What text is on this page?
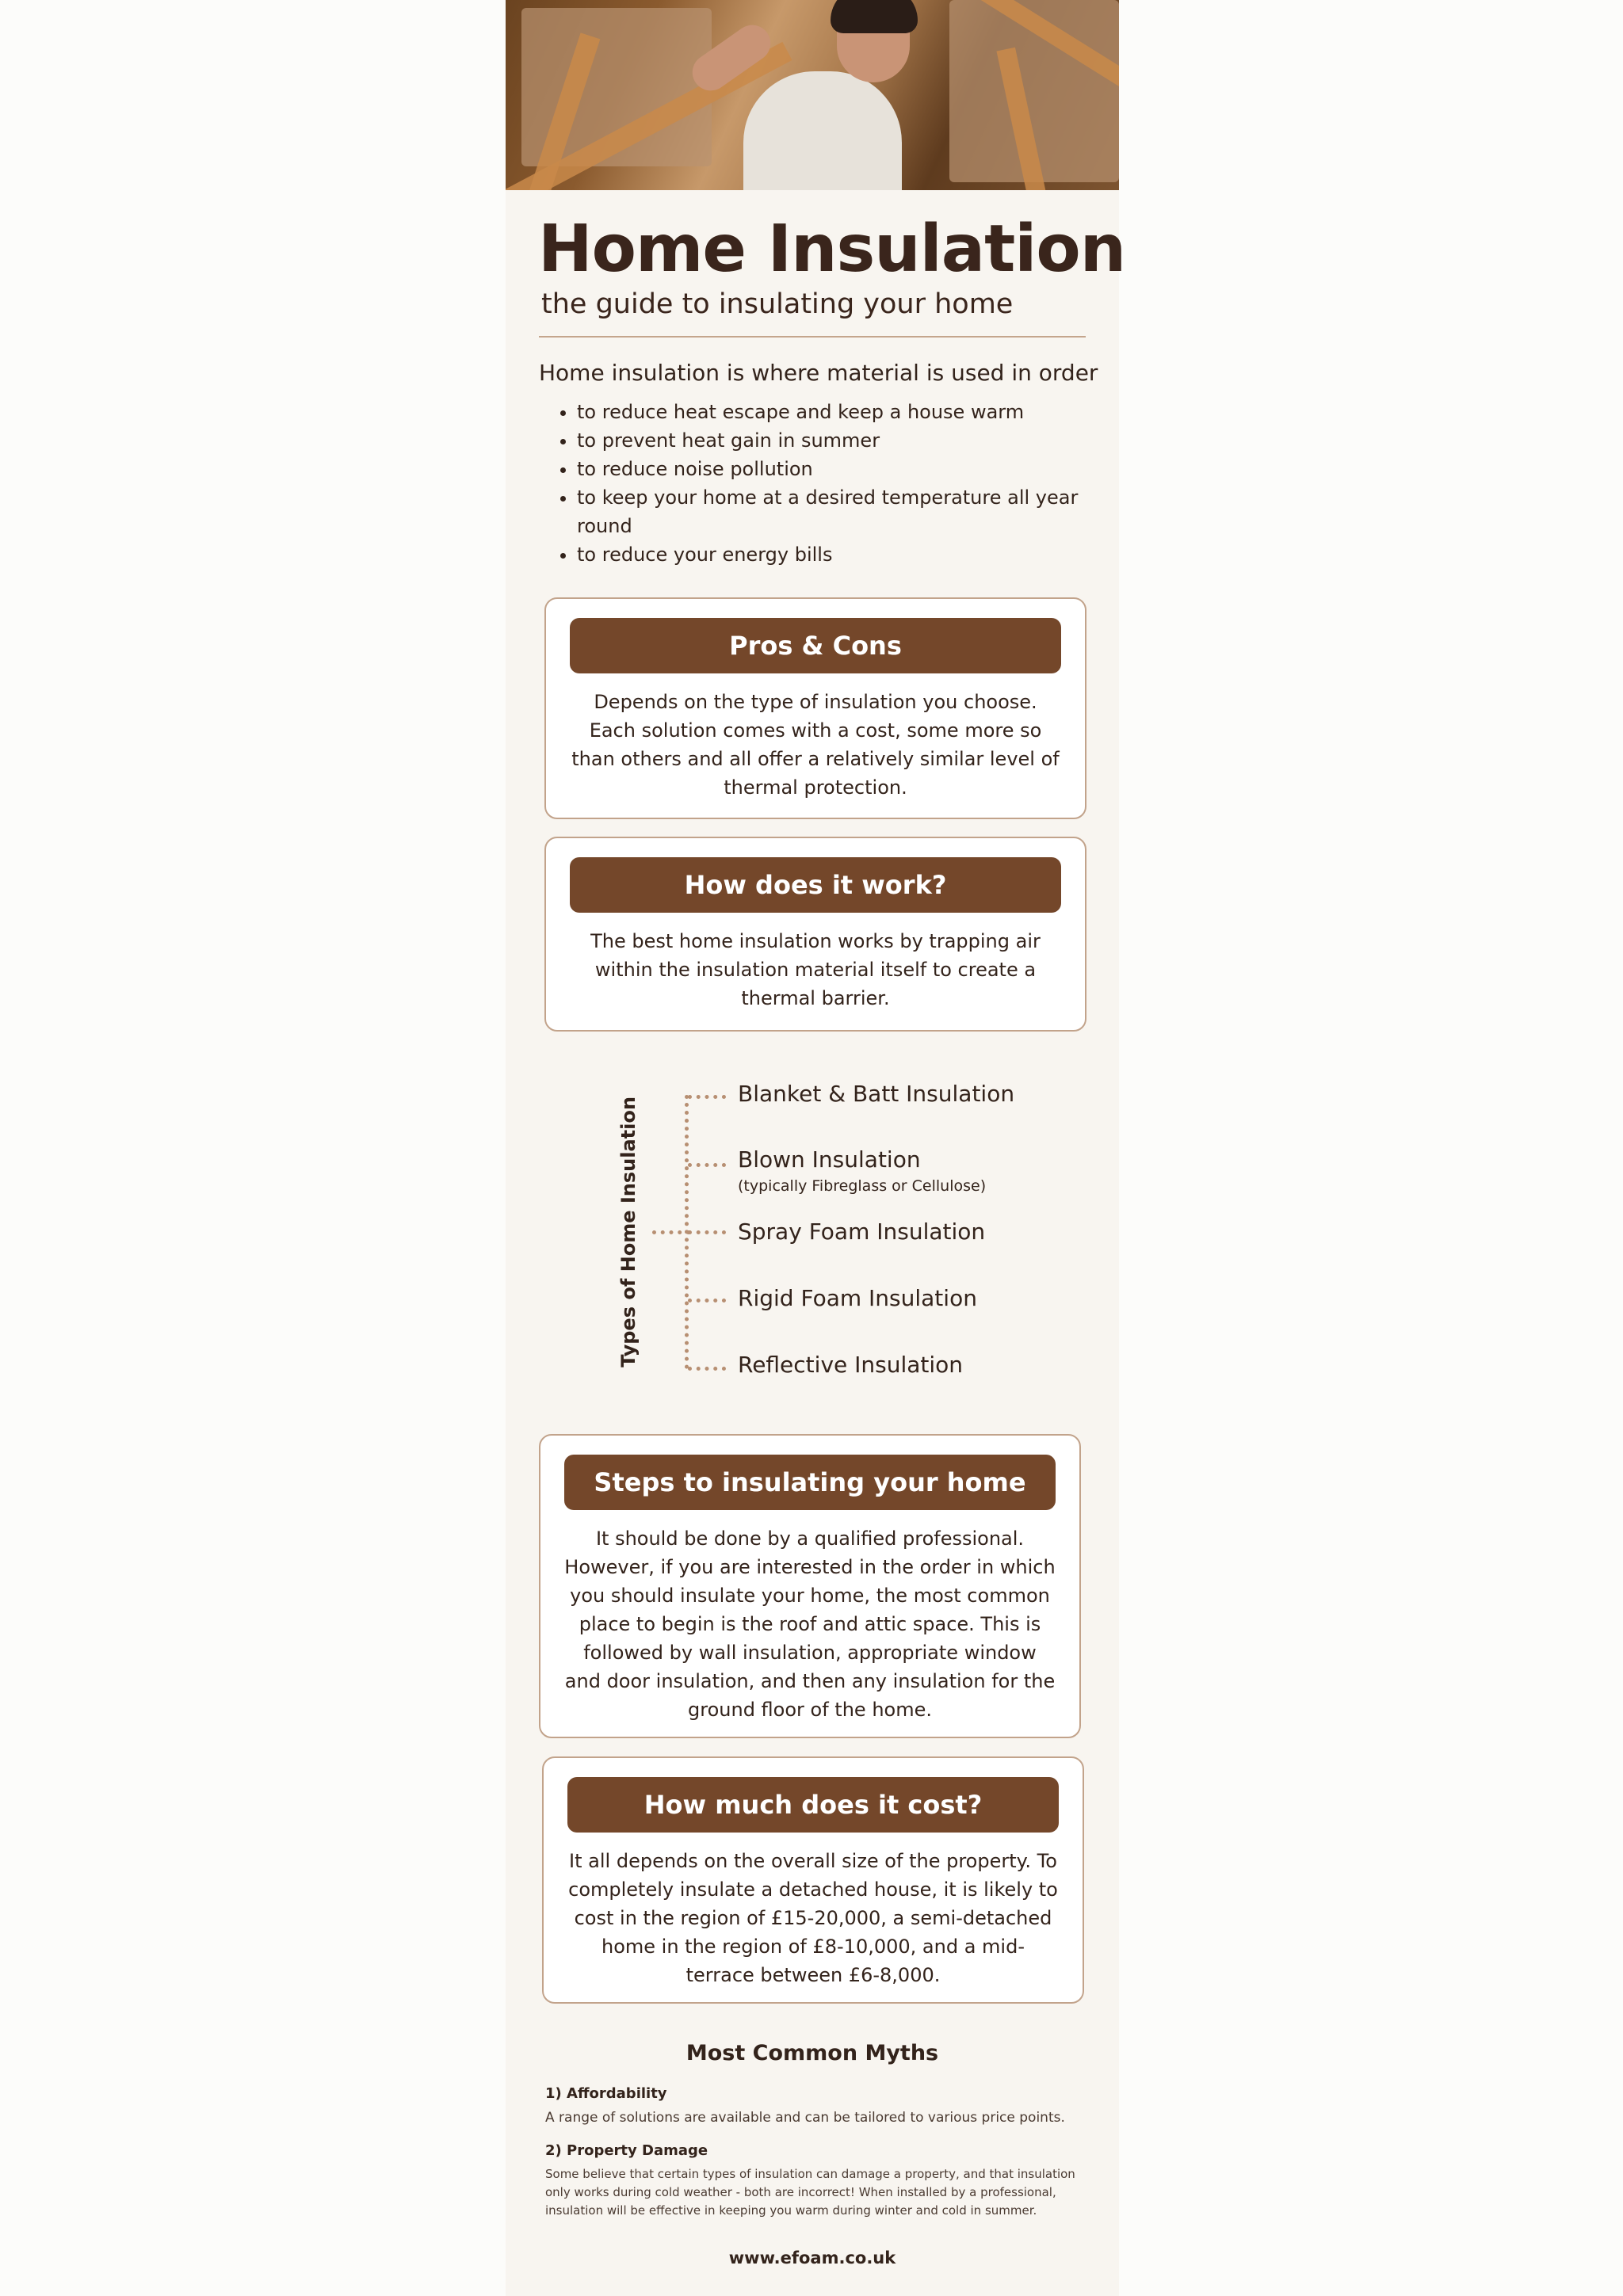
Home Insulation
the guide to insulating your home
Home insulation is where material is used in order
• to reduce heat escape and keep a house warm
• to prevent heat gain in summer
• to reduce noise pollution
• to keep your home at a desired temperature all year round
• to reduce your energy bills
Pros & Cons
Depends on the type of insulation you choose. Each solution comes with a cost, some more so than others and all offer a relatively similar level of thermal protection.
How does it work?
The best home insulation works by trapping air within the insulation material itself to create a thermal barrier.
Types of Home Insulation
Blanket & Batt Insulation
Blown Insulation
(typically Fibreglass or Cellulose)
Spray Foam Insulation
Rigid Foam Insulation
Reflective Insulation
Steps to insulating your home
It should be done by a qualified professional. However, if you are interested in the order in which you should insulate your home, the most common place to begin is the roof and attic space. This is followed by wall insulation, appropriate window and door insulation, and then any insulation for the ground floor of the home.
How much does it cost?
It all depends on the overall size of the property. To completely insulate a detached house, it is likely to cost in the region of £15-20,000, a semi-detached home in the region of £8-10,000, and a mid-terrace between £6-8,000.
Most Common Myths
1) Affordability
A range of solutions are available and can be tailored to various price points.
2) Property Damage
Some believe that certain types of insulation can damage a property, and that insulation only works during cold weather - both are incorrect! When installed by a professional, insulation will be effective in keeping you warm during winter and cold in summer.
www.efoam.co.uk
